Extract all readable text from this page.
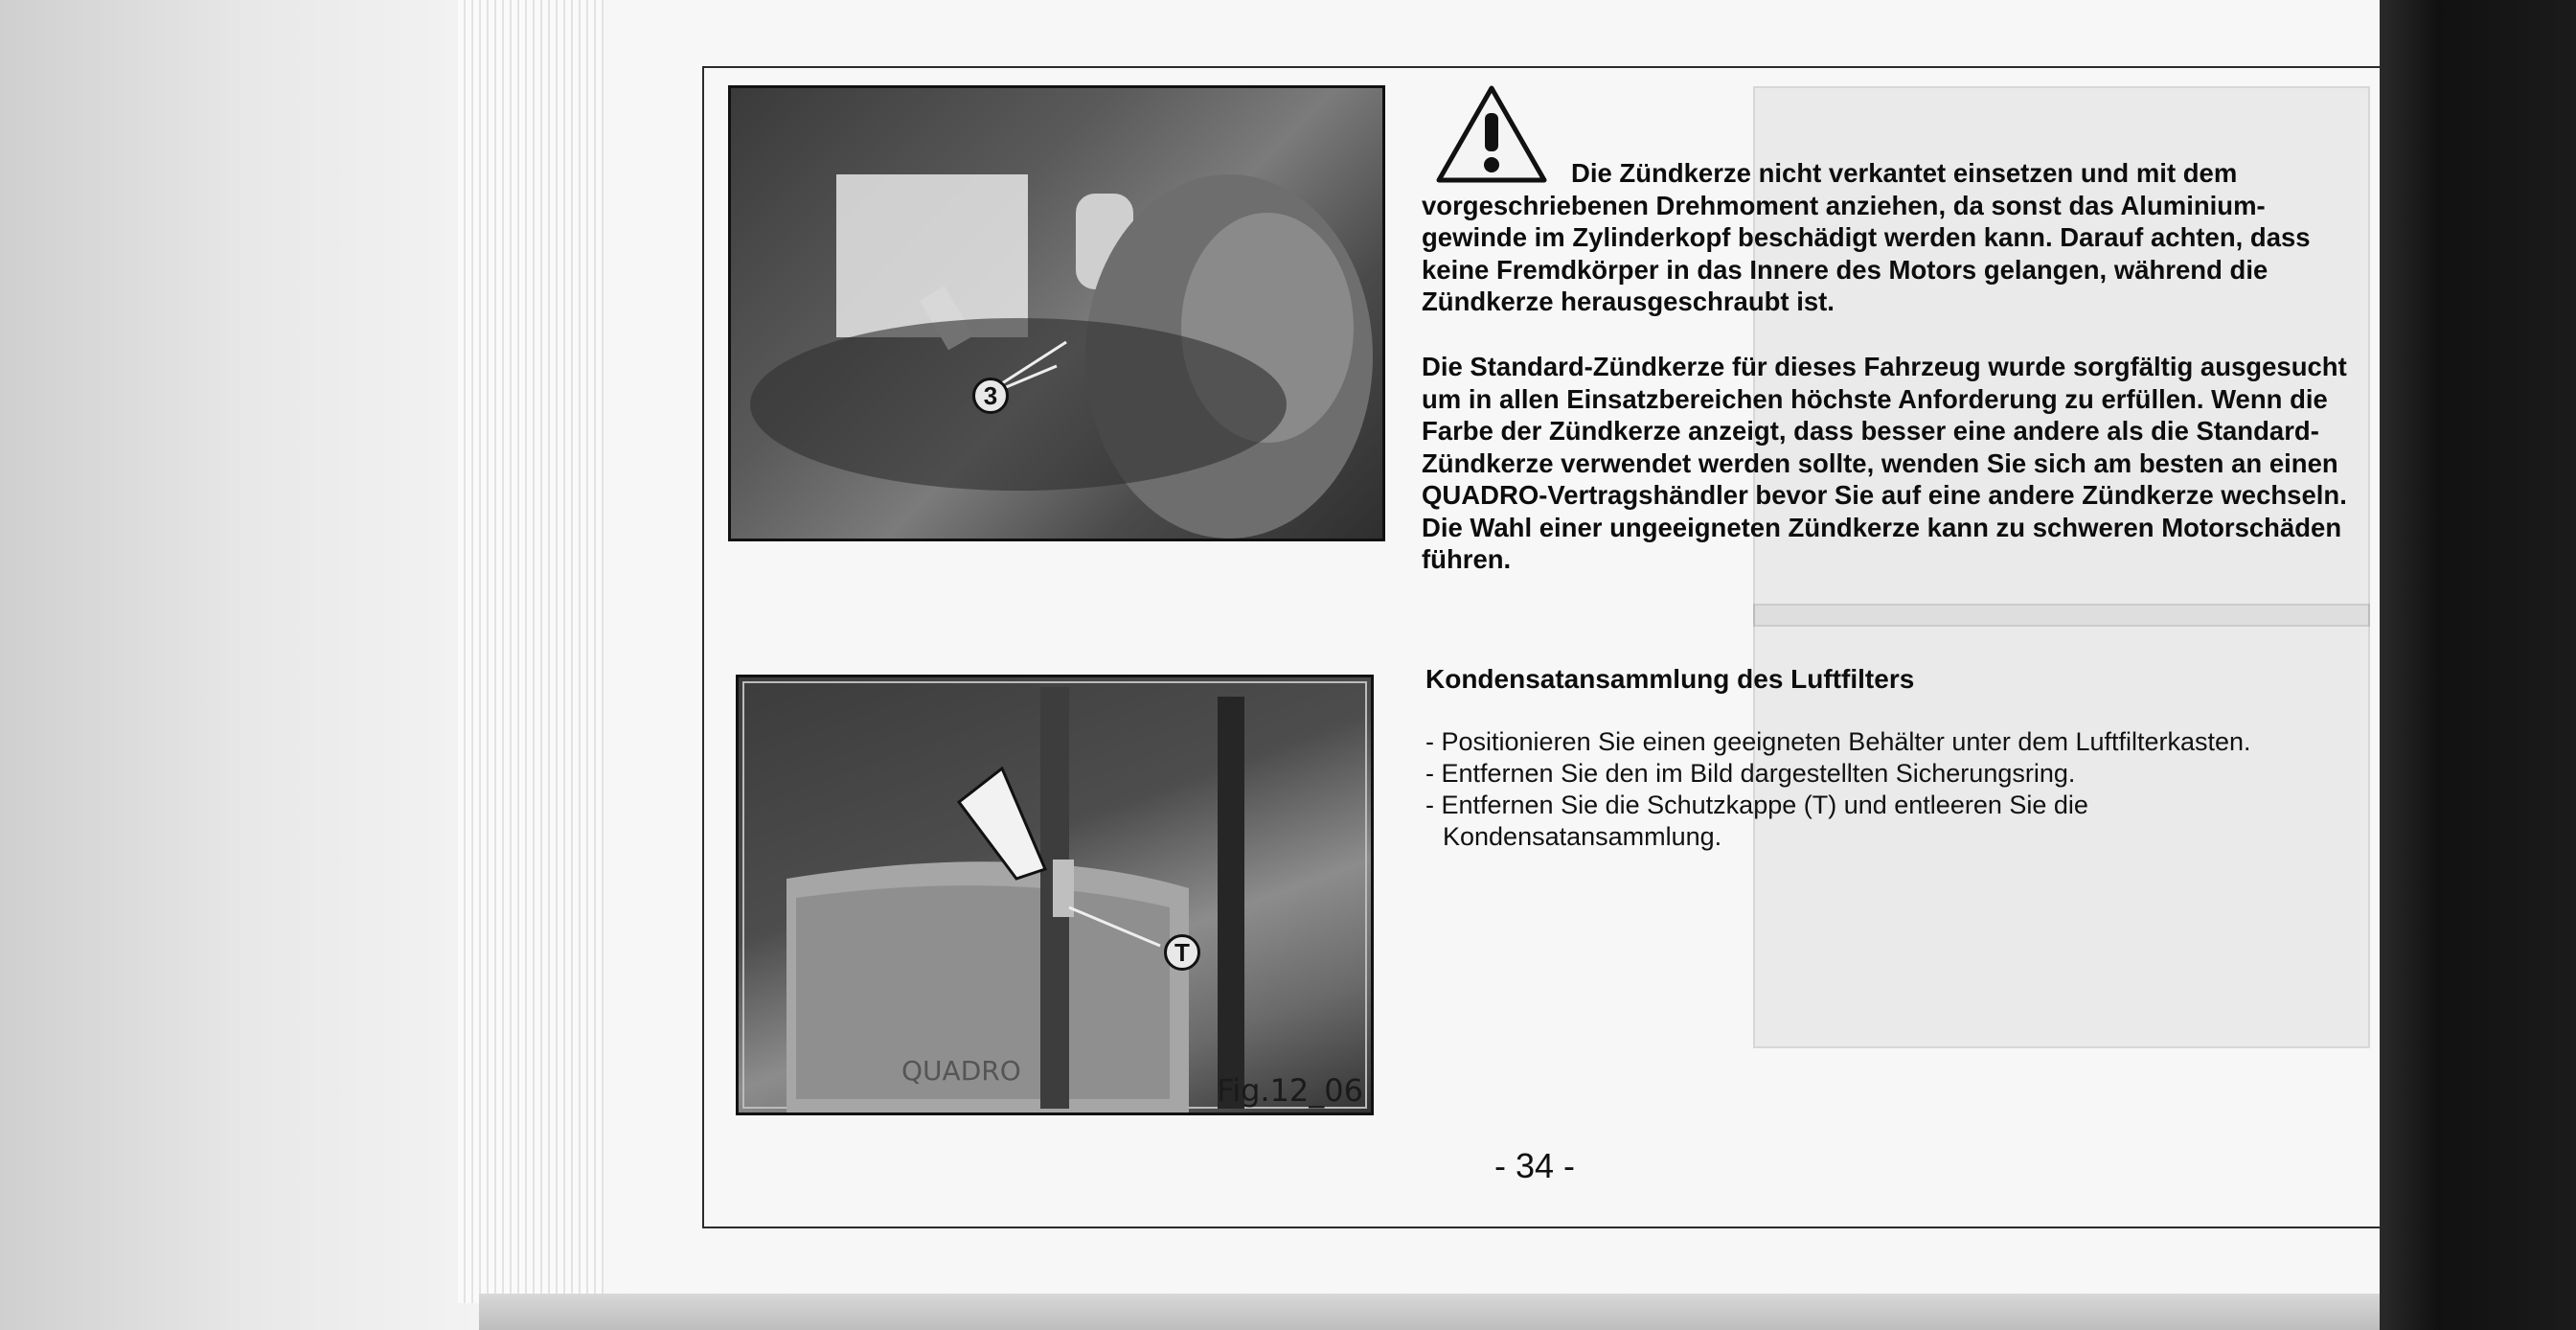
3
QUADRO
T
Fig.12_06
Die Zündkerze nicht verkantet einsetzen und mit dem
vorgeschriebenen Drehmoment anziehen, da sonst das Aluminium-gewinde im Zylinderkopf beschädigt werden kann. Darauf achten, dass keine Fremdkörper in das Innere des Motors gelangen, während die Zündkerze herausgeschraubt ist.
Die Standard-Zündkerze für dieses Fahrzeug wurde sorgfältig ausgesucht um in allen Einsatzbereichen höchste Anforderung zu erfüllen. Wenn die Farbe der Zündkerze anzeigt, dass besser eine andere als die Standard- Zündkerze verwendet werden sollte, wenden Sie sich am besten an einen QUADRO-Vertragshändler bevor Sie auf eine andere Zündkerze wechseln. Die Wahl einer ungeeigneten Zündkerze kann zu schweren Motorschäden führen.
Kondensatansammlung des Luftfilters
- Positionieren Sie einen geeigneten Behälter unter dem Luftfilterkasten.
- Entfernen Sie den im Bild dargestellten Sicherungsring.
- Entfernen Sie die Schutzkappe (T) und entleeren Sie die Kondensatansammlung.
- 34 -
